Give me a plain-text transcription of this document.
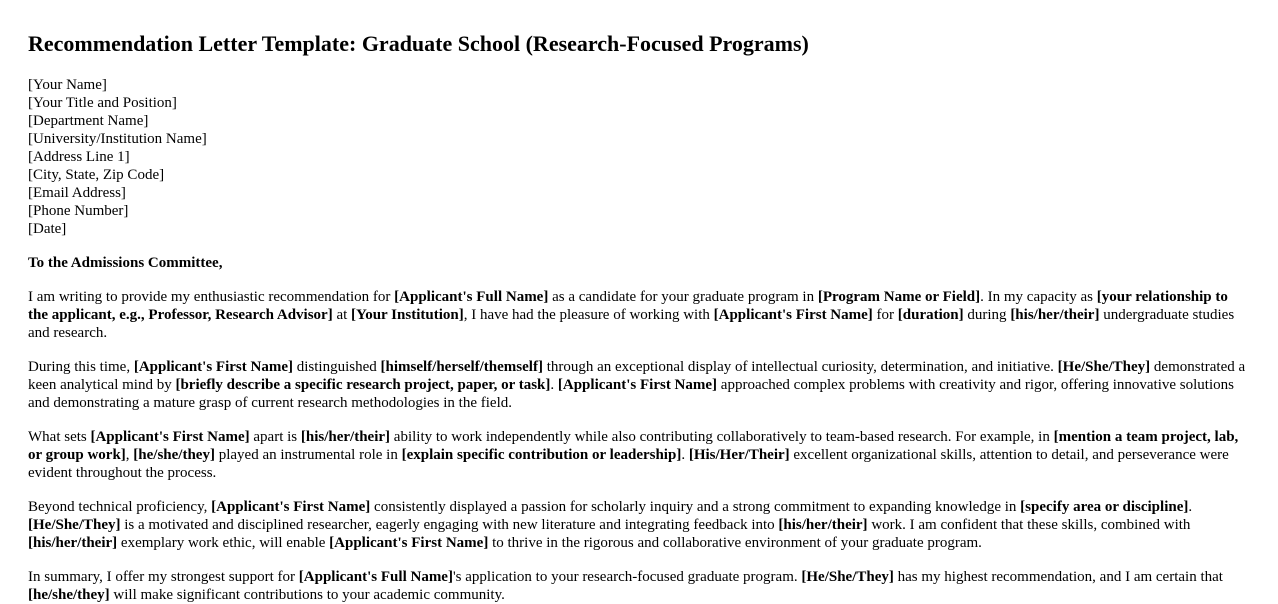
Recommendation Letter Template: Graduate School (Research-Focused Programs)
[Your Name]
[Your Title and Position]
[Department Name]
[University/Institution Name]
[Address Line 1]
[City, State, Zip Code]
[Email Address]
[Phone Number]
[Date]
To the Admissions Committee,

I am writing to provide my enthusiastic recommendation for [Applicant's Full Name] as a candidate for your graduate program in [Program Name or Field]. In my capacity as [your relationship to the applicant, e.g., Professor, Research Advisor] at [Your Institution], I have had the pleasure of working with [Applicant's First Name] for [duration] during [his/her/their] undergraduate studies and research.

During this time, [Applicant's First Name] distinguished [himself/herself/themself] through an exceptional display of intellectual curiosity, determination, and initiative. [He/She/They] demonstrated a keen analytical mind by [briefly describe a specific research project, paper, or task]. [Applicant's First Name] approached complex problems with creativity and rigor, offering innovative solutions and demonstrating a mature grasp of current research methodologies in the field.

What sets [Applicant's First Name] apart is [his/her/their] ability to work independently while also contributing collaboratively to team-based research. For example, in [mention a team project, lab, or group work], [he/she/they] played an instrumental role in [explain specific contribution or leadership]. [His/Her/Their] excellent organizational skills, attention to detail, and perseverance were evident throughout the process.

Beyond technical proficiency, [Applicant's First Name] consistently displayed a passion for scholarly inquiry and a strong commitment to expanding knowledge in [specify area or discipline]. [He/She/They] is a motivated and disciplined researcher, eagerly engaging with new literature and integrating feedback into [his/her/their] work. I am confident that these skills, combined with [his/her/their] exemplary work ethic, will enable [Applicant's First Name] to thrive in the rigorous and collaborative environment of your graduate program.

In summary, I offer my strongest support for [Applicant's Full Name]'s application to your research-focused graduate program. [He/She/They] has my highest recommendation, and I am certain that [he/she/they] will make significant contributions to your academic community.
